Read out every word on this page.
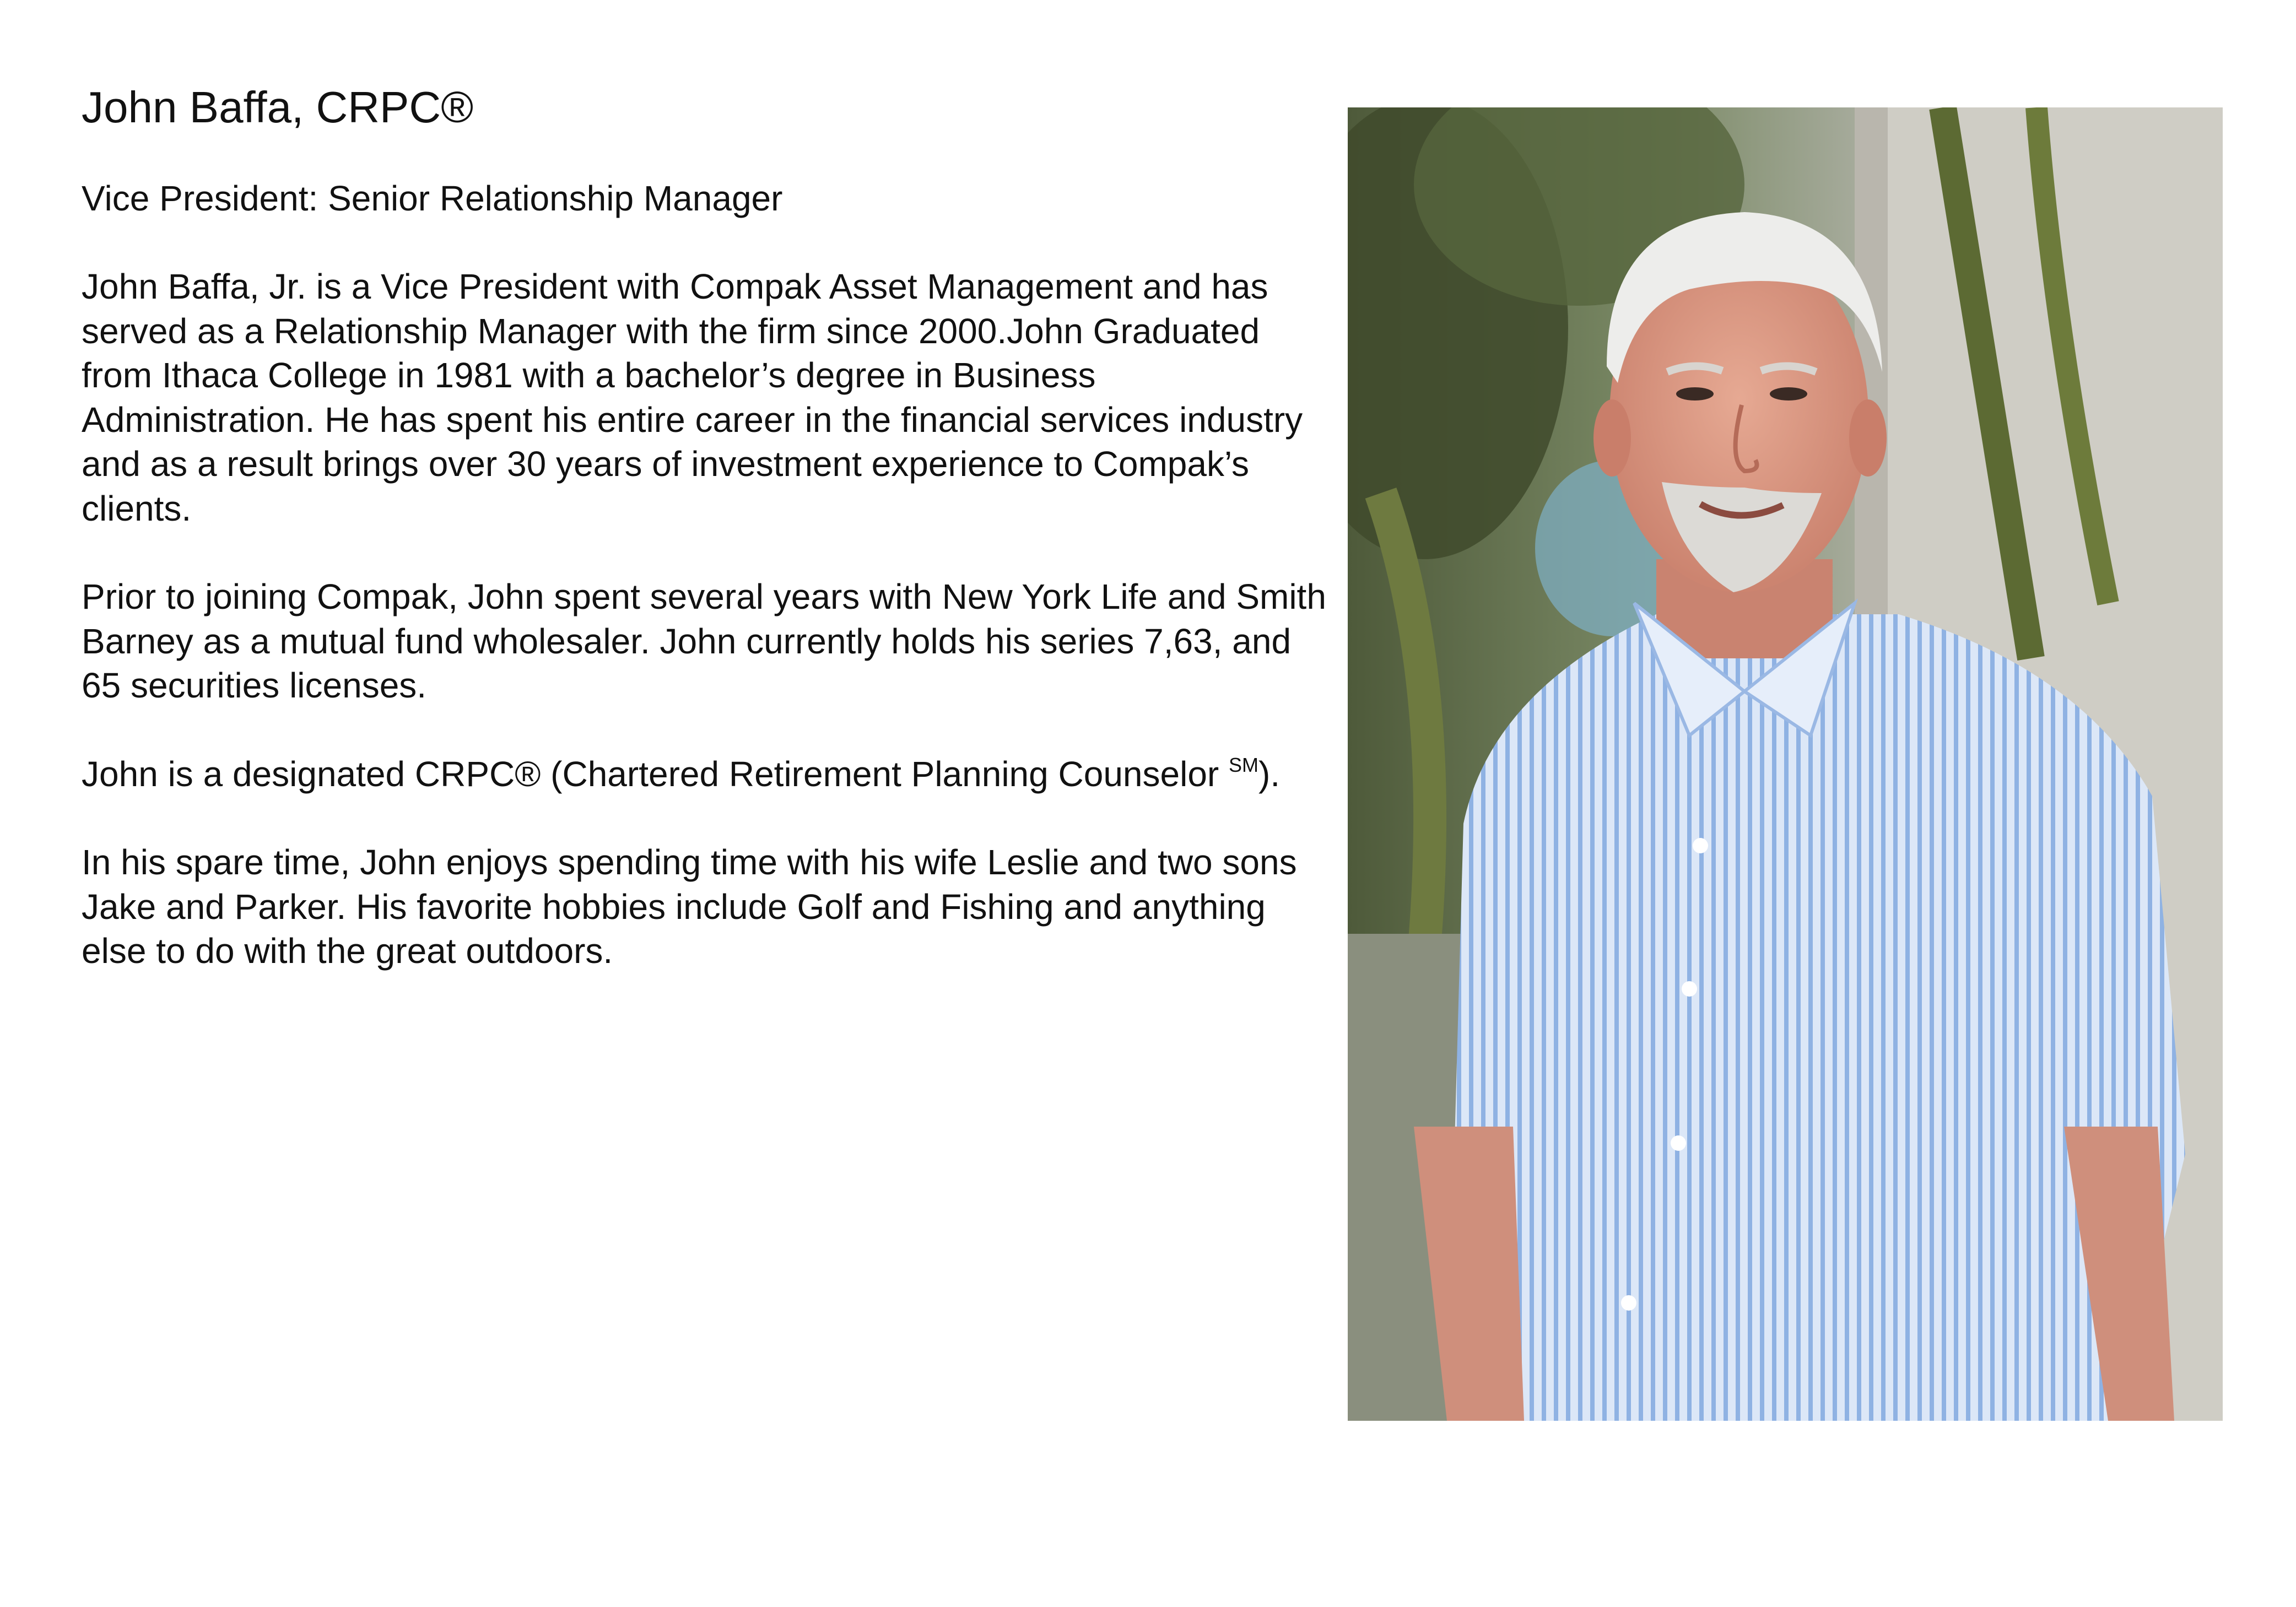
John Baffa, CRPC®
Vice President: Senior Relationship Manager

John Baffa, Jr. is a Vice President with Compak Asset Management and has served as a Relationship Manager with the firm since 2000.John Graduated from Ithaca College in 1981 with a bachelor’s degree in Business Administration. He has spent his entire career in the financial services industry and as a result brings over 30 years of investment experience to Compak’s clients.

Prior to joining Compak, John spent several years with New York Life and Smith Barney as a mutual fund wholesaler. John currently holds his series 7,63, and 65 securities licenses.

John is a designated CRPC® (Chartered Retirement Planning Counselor ℠).

In his spare time, John enjoys spending time with his wife Leslie and two sons Jake and Parker. His favorite hobbies include Golf and Fishing and anything else to do with the great outdoors.
